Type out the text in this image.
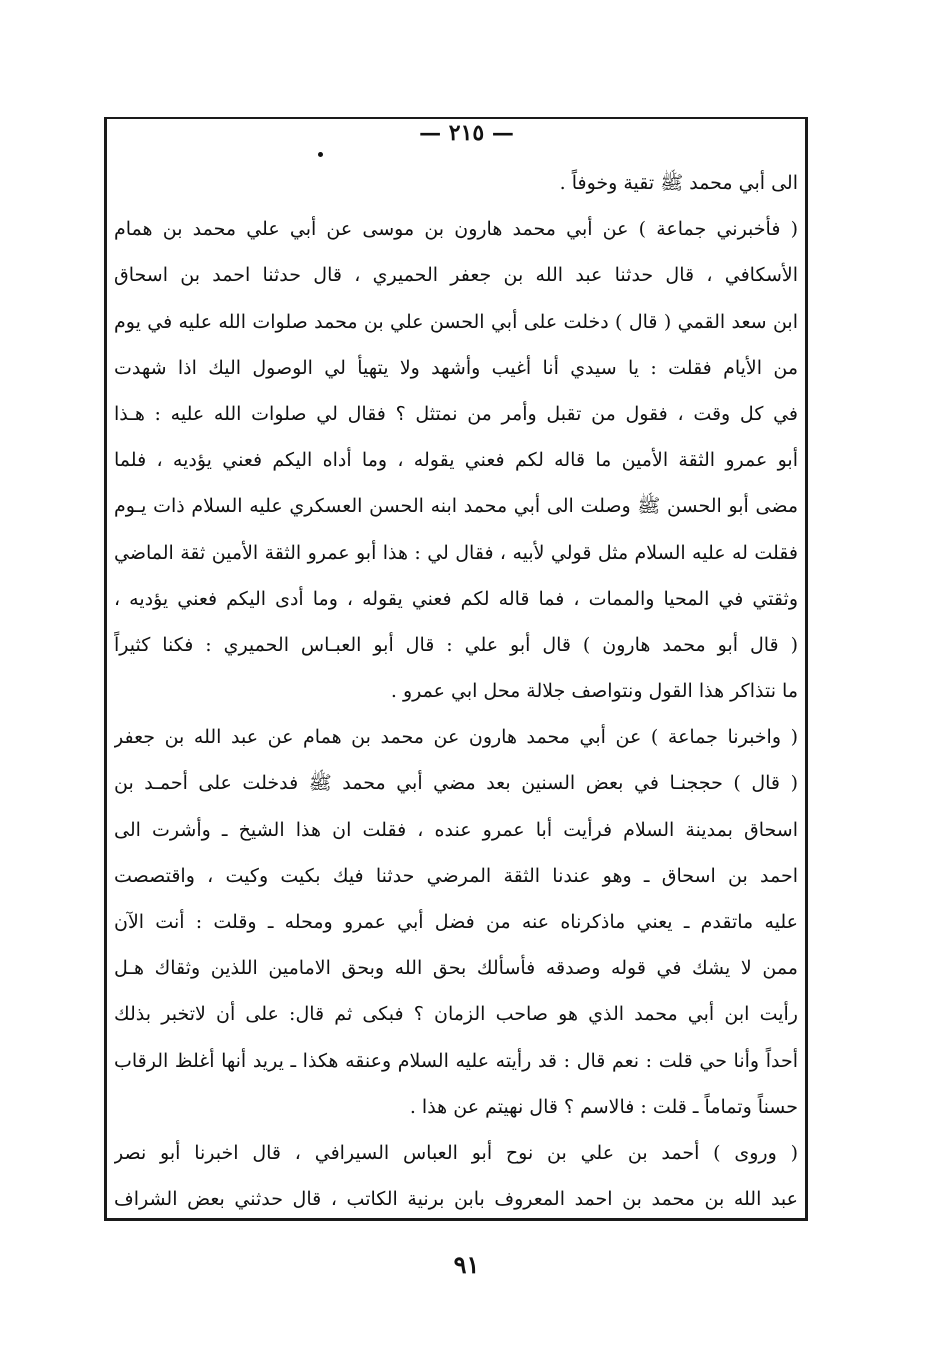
— ٢١٥ —
الى أبي محمد ﷺ تقية وخوفاً .
( فأخبرني جماعة ) عن أبي محمد هارون بن موسى عن أبي علي محمد بن همام
الأسكافي ، قال حدثنا عبد الله بن جعفر الحميري ، قال حدثنا احمد بن اسحاق
ابن سعد القمي ( قال ) دخلت على أبي الحسن علي بن محمد صلوات الله عليه في يوم
من الأيام فقلت : يا سيدي أنا أغيب وأشهد ولا يتهيأ لي الوصول اليك اذا شهدت
في كل وقت ، فقول من تقبل وأمر من نمتثل ؟ فقال لي صلوات الله عليه : هـذا
أبو عمرو الثقة الأمين ما قاله لكم فعني يقوله ، وما أداه اليكم فعني يؤديه ، فلما
مضى أبو الحسن ﷺ وصلت الى أبي محمد ابنه الحسن العسكري عليه السلام ذات يـوم
فقلت له عليه السلام مثل قولي لأبيه ، فقال لي : هذا أبو عمرو الثقة الأمين ثقة الماضي
وثقتي في المحيا والممات ، فما قاله لكم فعني يقوله ، وما أدى اليكم فعني يؤديه ،
( قال أبو محمد هارون ) قال أبو علي : قال أبو العبـاس الحميري : فكنا كثيراً
ما نتذاكر هذا القول ونتواصف جلالة محل ابي عمرو .
( واخبرنا جماعة ) عن أبي محمد هارون عن محمد بن همام عن عبد الله بن جعفر
( قال ) حججنـا في بعض السنين بعد مضي أبي محمد ﷺ فدخلت على أحمـد بن
اسحاق بمدينة السلام فرأيت أبا عمرو عنده ، فقلت ان هذا الشيخ ـ وأشرت الى
احمد بن اسحاق ـ وهو عندنا الثقة المرضي حدثنا فيك بكيت وكيت ، واقتصصت
عليه ماتقدم ـ يعني ماذكرناه عنه من فضل أبي عمرو ومحله ـ وقلت : أنت الآن
ممن لا يشك في قوله وصدقه فأسألك بحق الله وبحق الامامين اللذين وثقاك هـل
رأيت ابن أبي محمد الذي هو صاحب الزمان ؟ فبكى ثم قال: على أن لاتخبر بذلك
أحداً وأنا حي قلت : نعم قال : قد رأيته عليه السلام وعنقه هكذا ـ يريد أنها أغلظ الرقاب
حسناً وتماماً ـ قلت : فالاسم ؟ قال نهيتم عن هذا .
( وروى ) أحمد بن علي بن نوح أبو العباس السيرافي ، قال اخبرنا أبو نصر
عبد الله بن محمد بن احمد المعروف بابن برنية الكاتب ، قال حدثني بعض الشراف
٩١
